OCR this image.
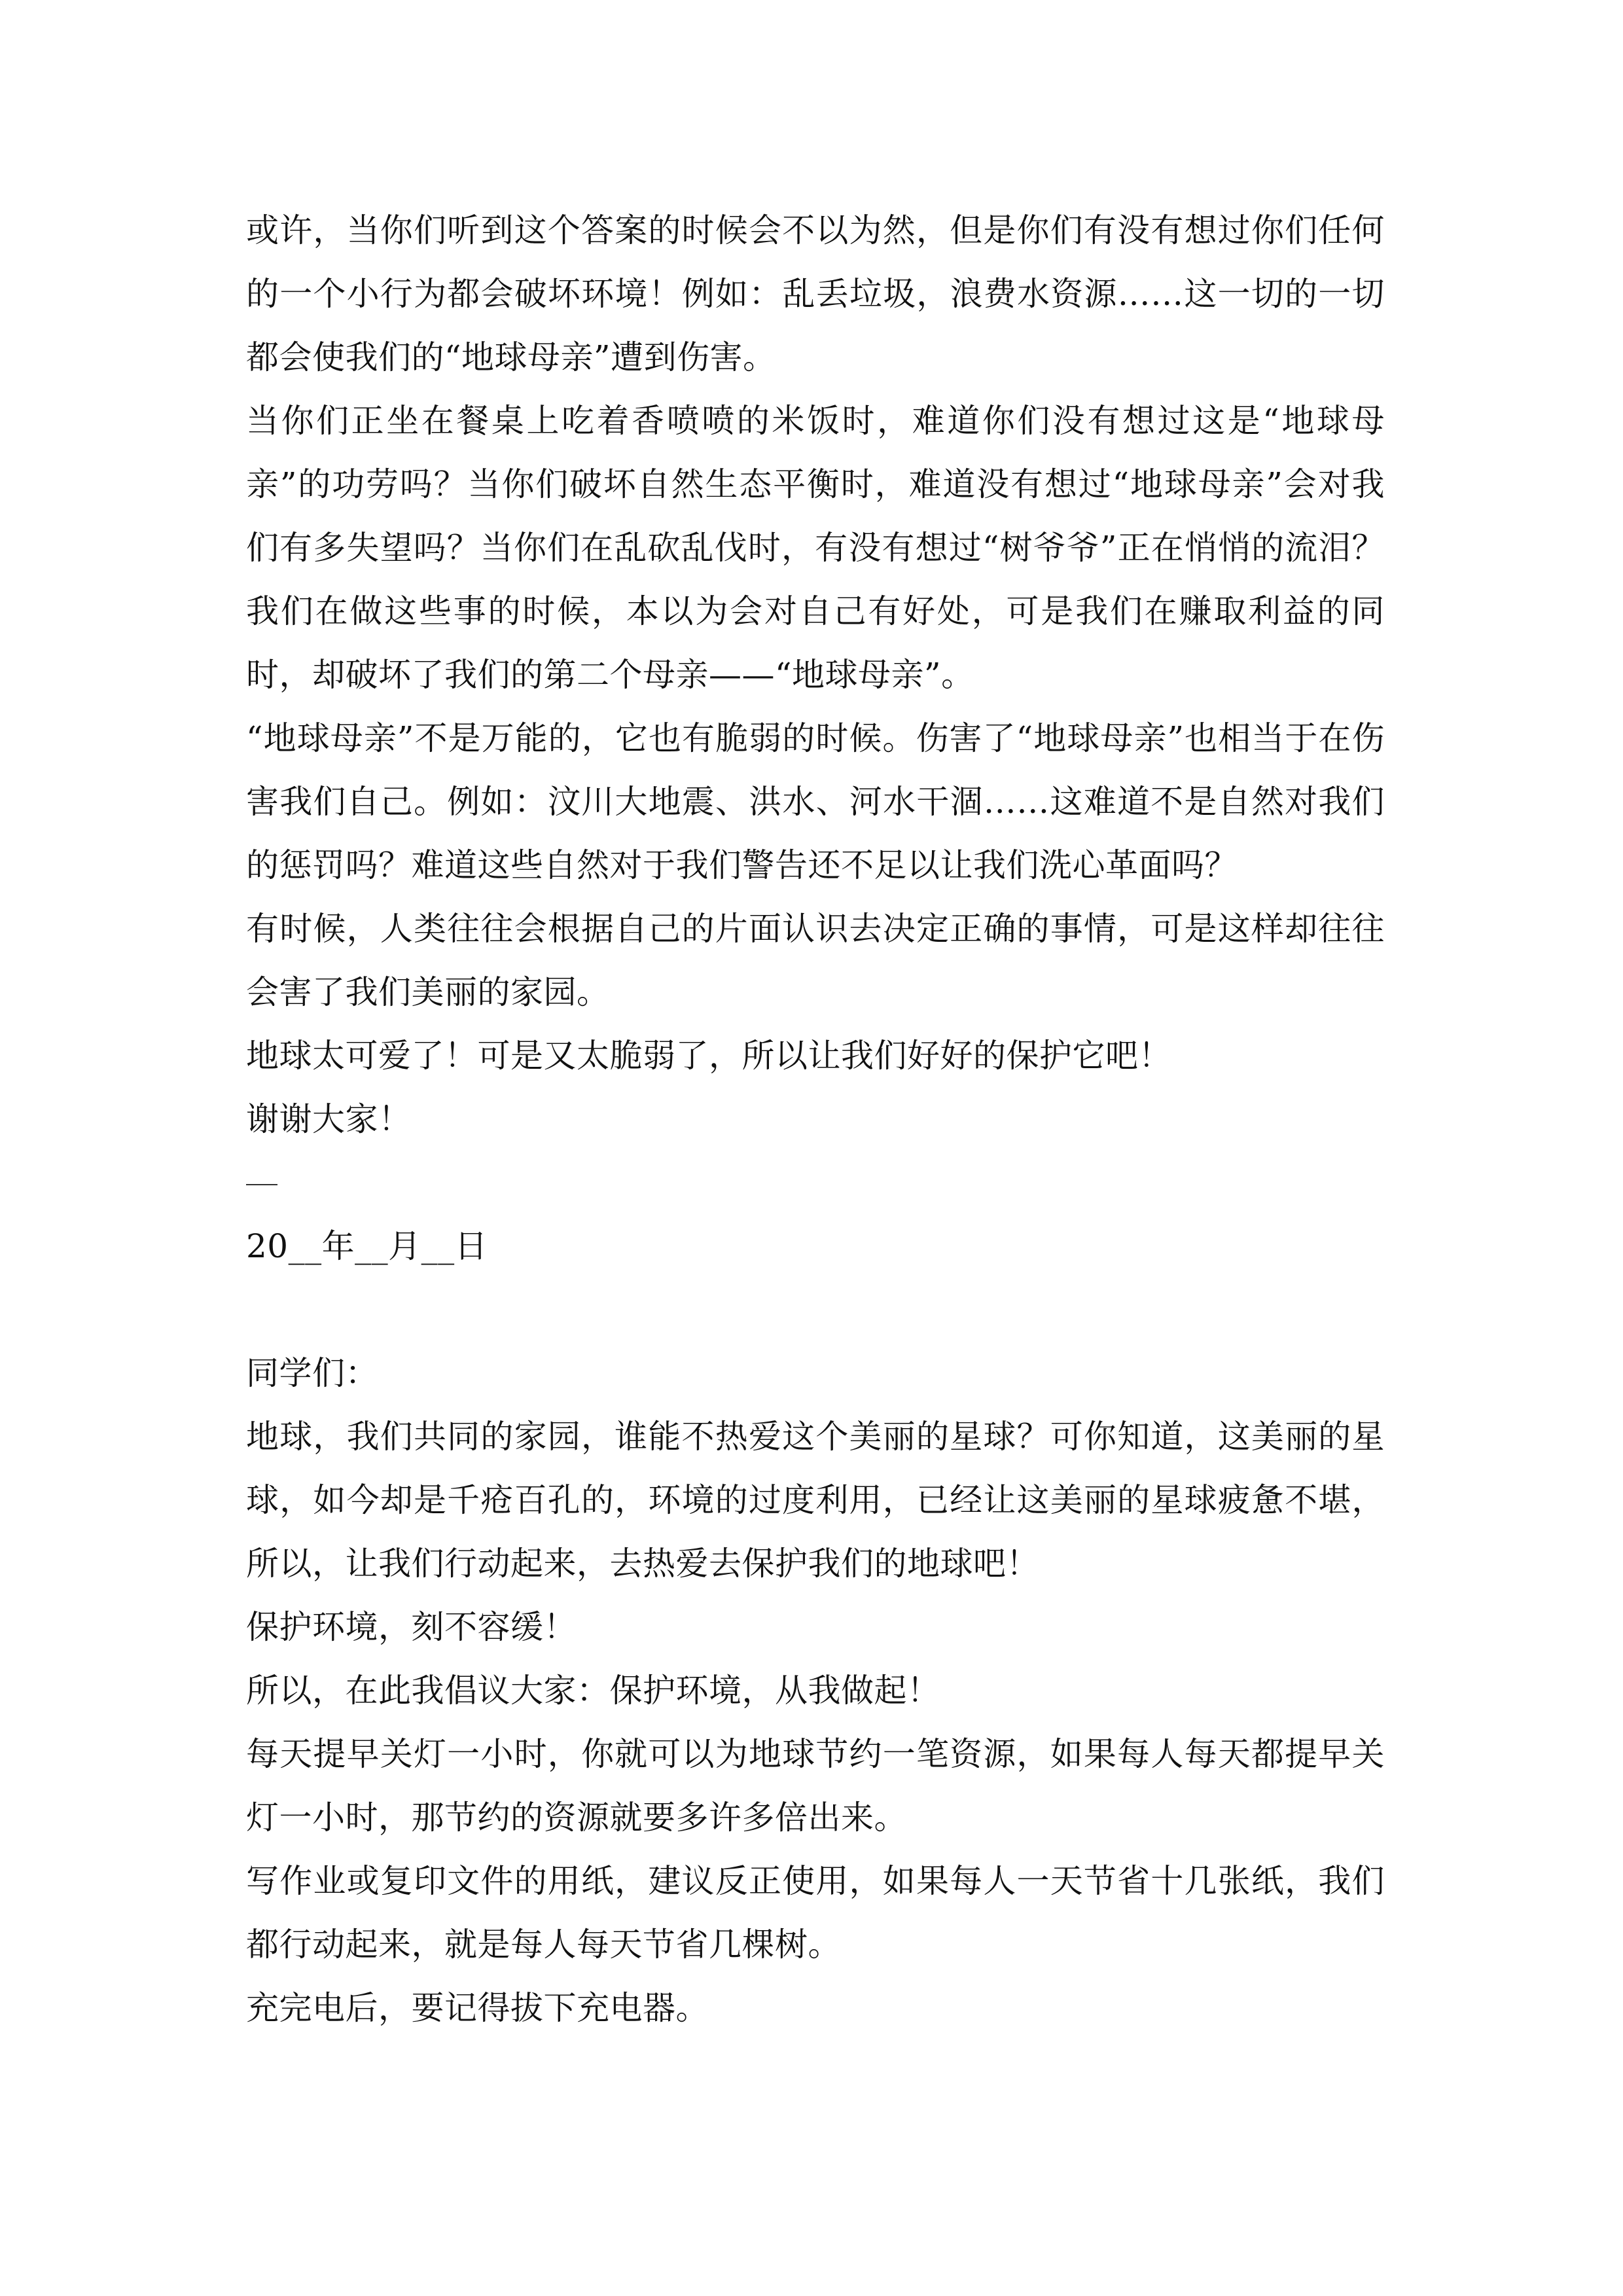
或许，当你们听到这个答案的时候会不以为然，但是你们有没有想过你们任何的一个小行为都会破坏环境！例如：乱丢垃圾，浪费水资源……这一切的一切都会使我们的“地球母亲”遭到伤害。

当你们正坐在餐桌上吃着香喷喷的米饭时，难道你们没有想过这是“地球母亲”的功劳吗？当你们破坏自然生态平衡时，难道没有想过“地球母亲”会对我们有多失望吗？当你们在乱砍乱伐时，有没有想过“树爷爷”正在悄悄的流泪？我们在做这些事的时候，本以为会对自己有好处，可是我们在赚取利益的同时，却破坏了我们的第二个母亲——“地球母亲”。

“地球母亲”不是万能的，它也有脆弱的时候。伤害了“地球母亲”也相当于在伤害我们自己。例如：汶川大地震、洪水、河水干涸……这难道不是自然对我们的惩罚吗？难道这些自然对于我们警告还不足以让我们洗心革面吗？

有时候，人类往往会根据自己的片面认识去决定正确的事情，可是这样却往往会害了我们美丽的家园。

地球太可爱了！可是又太脆弱了，所以让我们好好的保护它吧！

谢谢大家！

20__年__月__日

同学们：

地球，我们共同的家园，谁能不热爱这个美丽的星球？可你知道，这美丽的星球，如今却是千疮百孔的，环境的过度利用，已经让这美丽的星球疲惫不堪，所以，让我们行动起来，去热爱去保护我们的地球吧！

保护环境，刻不容缓！

所以，在此我倡议大家：保护环境，从我做起！

每天提早关灯一小时，你就可以为地球节约一笔资源，如果每人每天都提早关灯一小时，那节约的资源就要多许多倍出来。

写作业或复印文件的用纸，建议反正使用，如果每人一天节省十几张纸，我们都行动起来，就是每人每天节省几棵树。

充完电后，要记得拔下充电器。
